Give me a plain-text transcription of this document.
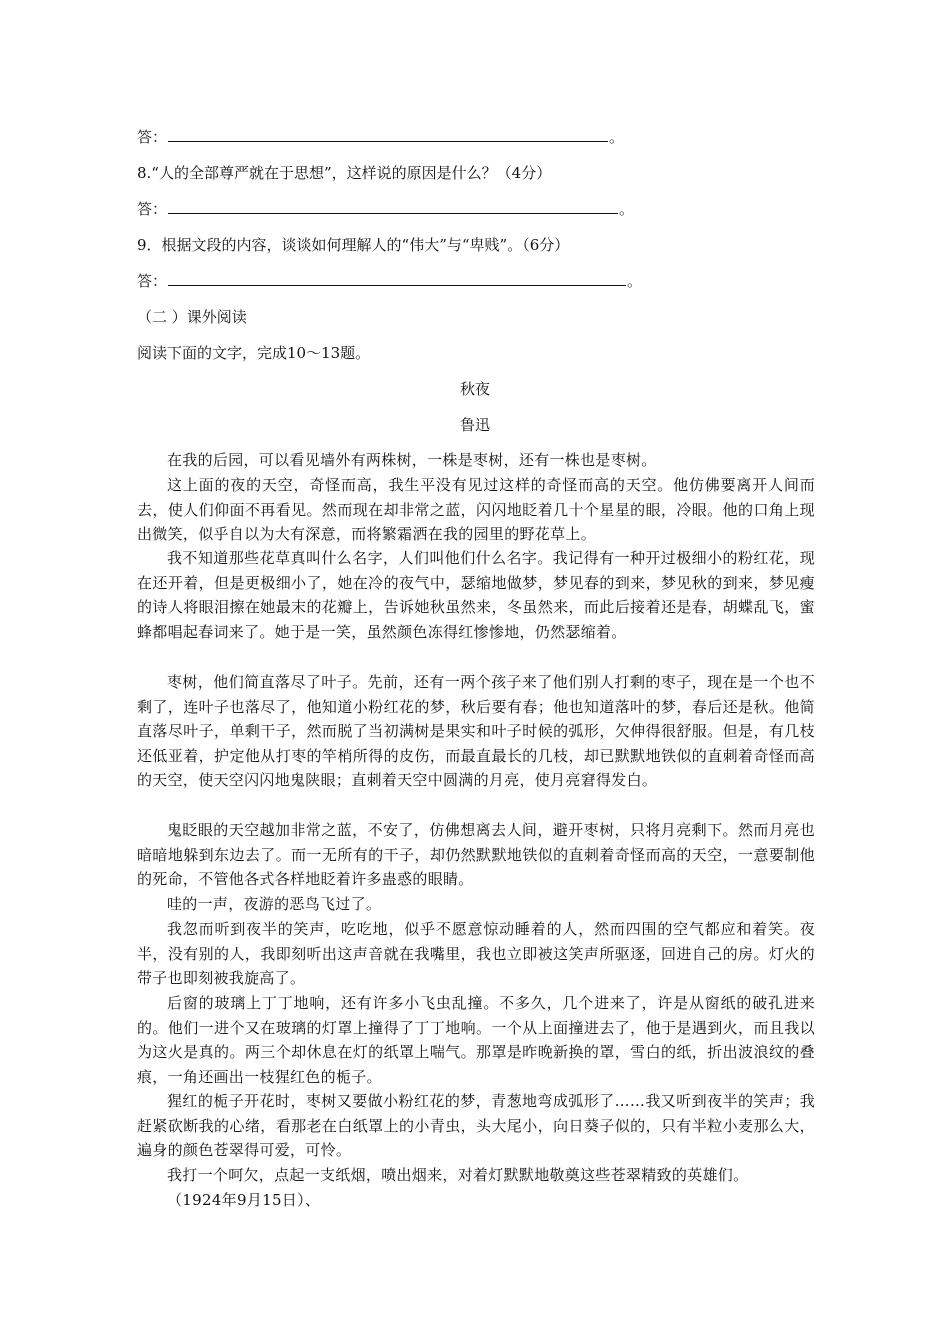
答：	。
8.“人的全部尊严就在于思想”，这样说的原因是什么？（4分）
答：	。
9．根据文段的内容，谈谈如何理解人的“伟大”与“卑贱”。（6分）
答：	。
（二 ）课外阅读
阅读下面的文字，完成10～13题。
秋夜
鲁迅
在我的后园，可以看见墙外有两株树，一株是枣树，还有一株也是枣树。
这上面的夜的天空，奇怪而高，我生平没有见过这样的奇怪而高的天空。他仿佛要离开人间而去，使人们仰面不再看见。然而现在却非常之蓝，闪闪地眨着几十个星星的眼，冷眼。他的口角上现出微笑，似乎自以为大有深意，而将繁霜洒在我的园里的野花草上。
我不知道那些花草真叫什么名字，人们叫他们什么名字。我记得有一种开过极细小的粉红花，现在还开着，但是更极细小了，她在冷的夜气中，瑟缩地做梦，梦见春的到来，梦见秋的到来，梦见瘦的诗人将眼泪擦在她最末的花瓣上，告诉她秋虽然来，冬虽然来，而此后接着还是春，胡蝶乱飞，蜜蜂都唱起春词来了。她于是一笑，虽然颜色冻得红惨惨地，仍然瑟缩着。
枣树，他们简直落尽了叶子。先前，还有一两个孩子来了他们别人打剩的枣子，现在是一个也不剩了，连叶子也落尽了，他知道小粉红花的梦，秋后要有春；他也知道落叶的梦，春后还是秋。他简直落尽叶子，单剩干子，然而脱了当初满树是果实和叶子时候的弧形，欠伸得很舒服。但是，有几枝还低亚着，护定他从打枣的竿梢所得的皮伤，而最直最长的几枝，却已默默地铁似的直刺着奇怪而高的天空，使天空闪闪地鬼陕眼；直刺着天空中圆满的月亮，使月亮窘得发白。
鬼眨眼的天空越加非常之蓝，不安了，仿佛想离去人间，避开枣树，只将月亮剩下。然而月亮也暗暗地躲到东边去了。而一无所有的干子，却仍然默默地铁似的直刺着奇怪而高的天空，一意要制他的死命，不管他各式各样地眨着许多蛊惑的眼睛。
哇的一声，夜游的恶鸟飞过了。
我忽而听到夜半的笑声，吃吃地，似乎不愿意惊动睡着的人，然而四围的空气都应和着笑。夜半，没有别的人，我即刻听出这声音就在我嘴里，我也立即被这笑声所驱逐，回进自己的房。灯火的带子也即刻被我旋高了。
后窗的玻璃上丁丁地响，还有许多小飞虫乱撞。不多久，几个进来了，许是从窗纸的破孔进来的。他们一进个又在玻璃的灯罩上撞得了丁丁地响。一个从上面撞进去了，他于是遇到火，而且我以为这火是真的。两三个却休息在灯的纸罩上喘气。那罩是昨晚新换的罩，雪白的纸，折出波浪纹的叠痕，一角还画出一枝猩红色的栀子。
猩红的栀子开花时，枣树又要做小粉红花的梦，青葱地弯成弧形了……我又听到夜半的笑声；我赶紧砍断我的心绪，看那老在白纸罩上的小青虫，头大尾小，向日葵子似的，只有半粒小麦那么大，遍身的颜色苍翠得可爱，可怜。
我打一个呵欠，点起一支纸烟，喷出烟来，对着灯默默地敬奠这些苍翠精致的英雄们。
（1924年9月15日）、
